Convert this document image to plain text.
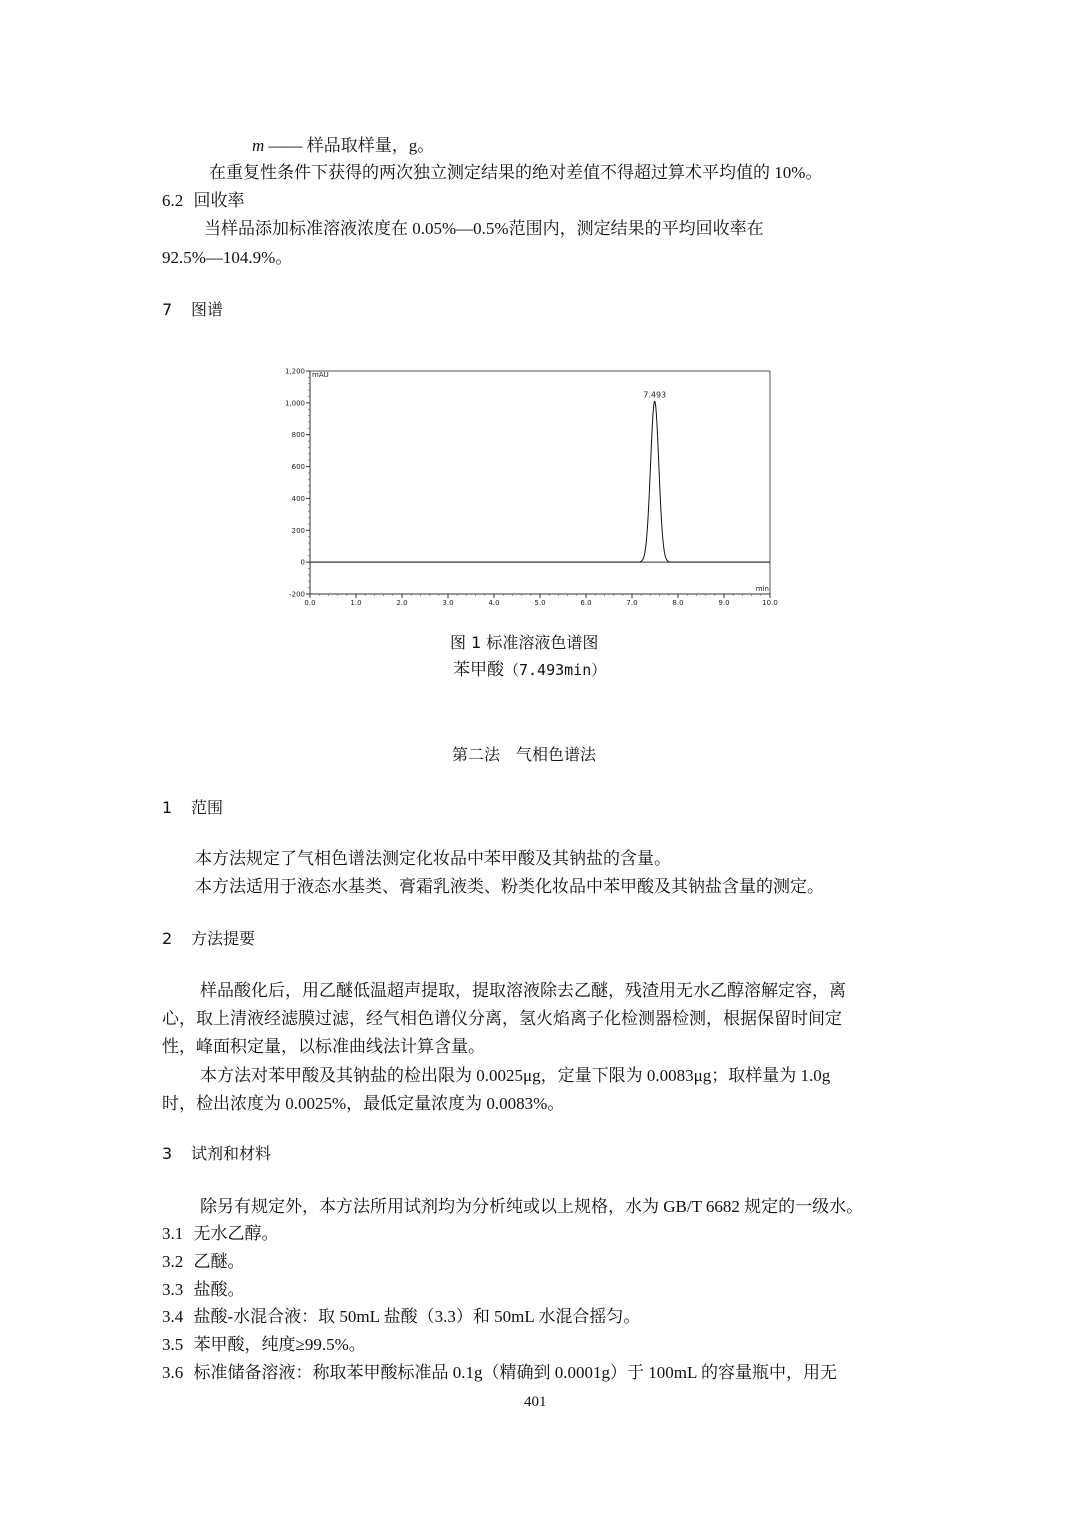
m —— 样品取样量，g。
在重复性条件下获得的两次独立测定结果的绝对差值不得超过算术平均值的 10%。
6.2 回收率
当样品添加标准溶液浓度在 0.05%—0.5%范围内，测定结果的平均回收率在
92.5%—104.9%。
7 图谱
-200
0
200
400
600
800
1,000
1,200
0.0	1.0	2.0	3.0	4.0	5.0	6.0	7.0	8.0	9.0	10.0
mAU
min
7.493
图 1 标准溶液色谱图
苯甲酸（7.493min）
第二法　气相色谱法
1 范围
本方法规定了气相色谱法测定化妆品中苯甲酸及其钠盐的含量。
本方法适用于液态水基类、膏霜乳液类、粉类化妆品中苯甲酸及其钠盐含量的测定。
2 方法提要
样品酸化后，用乙醚低温超声提取，提取溶液除去乙醚，残渣用无水乙醇溶解定容，离
心，取上清液经滤膜过滤，经气相色谱仪分离，氢火焰离子化检测器检测，根据保留时间定
性，峰面积定量，以标准曲线法计算含量。
本方法对苯甲酸及其钠盐的检出限为 0.0025μg，定量下限为 0.0083μg；取样量为 1.0g
时，检出浓度为 0.0025%，最低定量浓度为 0.0083%。
3 试剂和材料
除另有规定外，本方法所用试剂均为分析纯或以上规格，水为 GB/T 6682 规定的一级水。
3.1 无水乙醇。
3.2 乙醚。
3.3 盐酸。
3.4 盐酸-水混合液：取 50mL 盐酸（3.3）和 50mL 水混合摇匀。
3.5 苯甲酸，纯度≥99.5%。
3.6 标准储备溶液：称取苯甲酸标准品 0.1g（精确到 0.0001g）于 100mL 的容量瓶中，用无
401
